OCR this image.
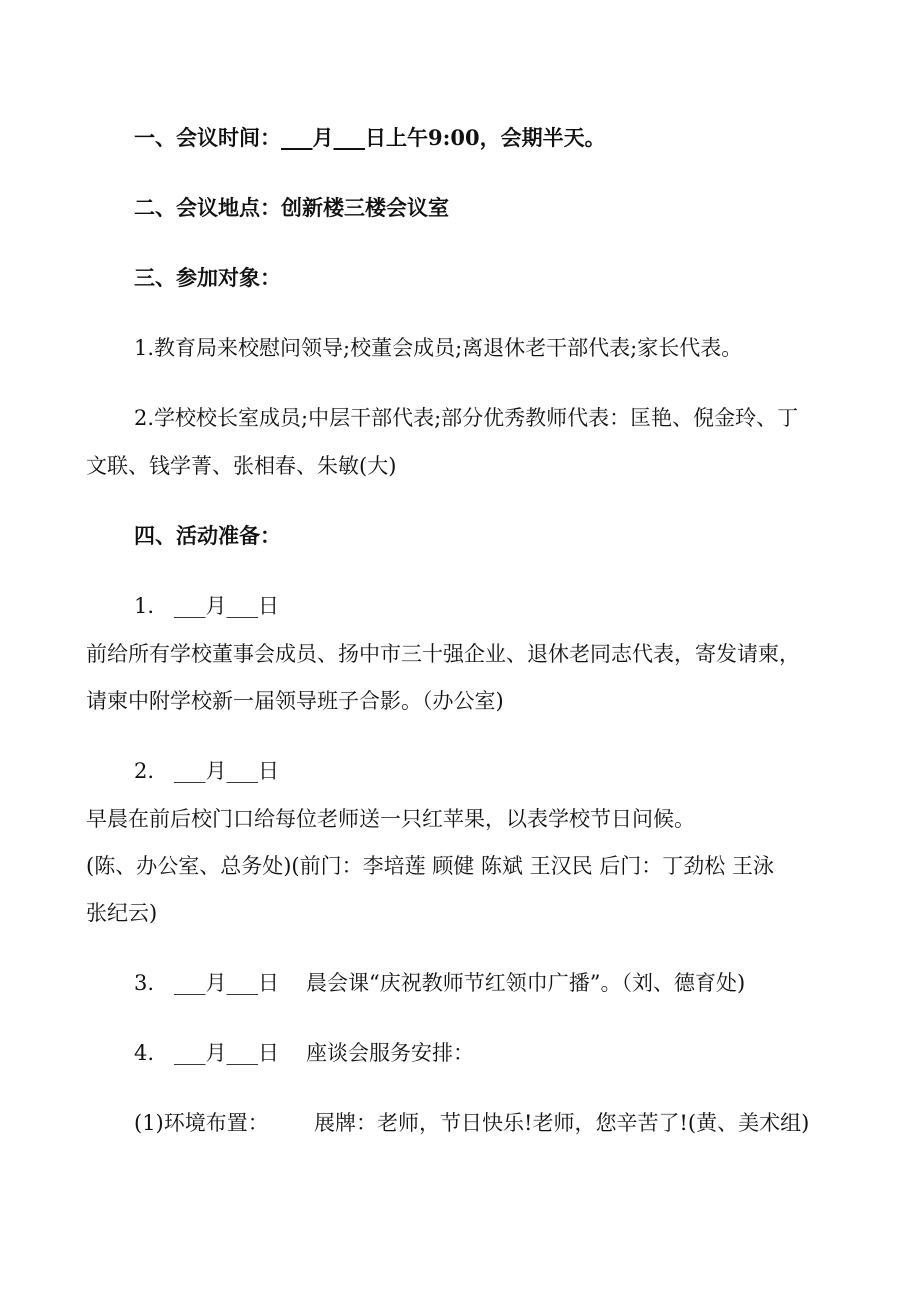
一、会议时间：___月___日上午9:00，会期半天。
二、会议地点：创新楼三楼会议室
三、参加对象：
1.教育局来校慰问领导;校董会成员;离退休老干部代表;家长代表。
2.学校校长室成员;中层干部代表;部分优秀教师代表：匡艳、倪金玲、丁
文联、钱学菁、张相春、朱敏(大)
四、活动准备：
1. ___月___日
前给所有学校董事会成员、扬中市三十强企业、退休老同志代表，寄发请柬，
请柬中附学校新一届领导班子合影。（办公室)
2. ___月___日
早晨在前后校门口给每位老师送一只红苹果，以表学校节日问候。
(陈、办公室、总务处)(前门：李培莲 顾健 陈斌 王汉民 后门：丁劲松 王泳
张纪云)
3. ___月___日 晨会课“庆祝教师节红领巾广播”。（刘、德育处)
4. ___月___日 座谈会服务安排：
(1)环境布置： 展牌：老师，节日快乐!老师，您辛苦了!(黄、美术组)
